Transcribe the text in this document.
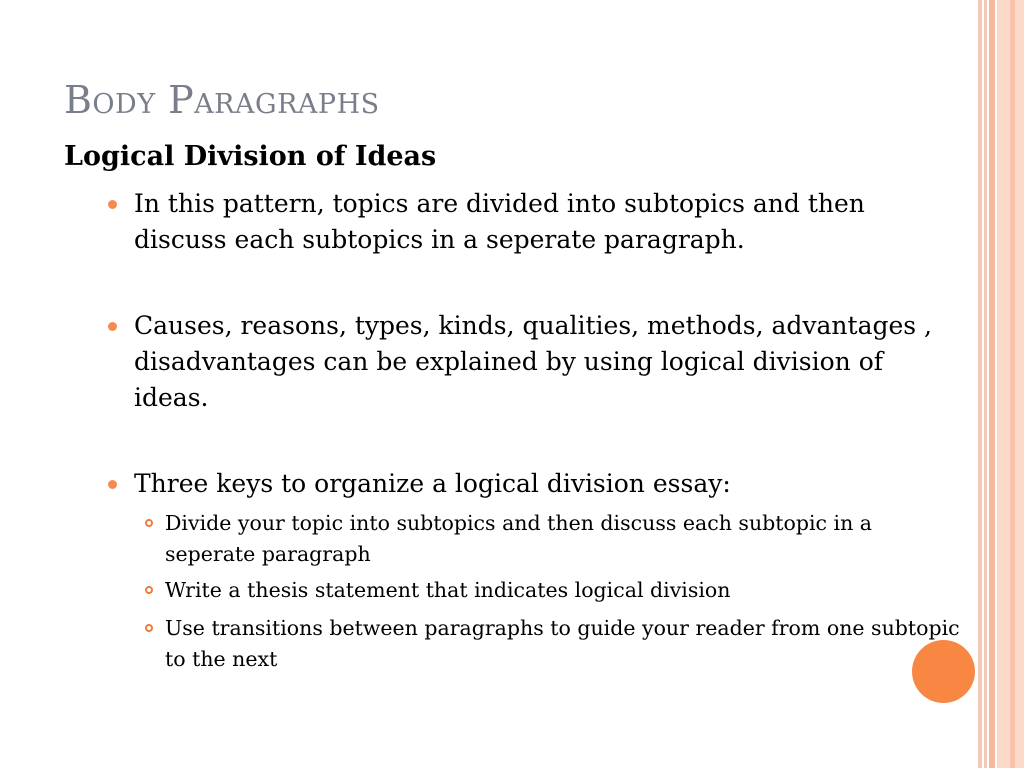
Body Paragraphs
Logical Division of Ideas
In this pattern, topics are divided into subtopics and then discuss each subtopics in a seperate paragraph.
Causes, reasons, types, kinds, qualities, methods, advantages , disadvantages can be explained by using logical division of ideas.
Three keys to organize a logical division essay:
Divide your topic into subtopics and then discuss each subtopic in a seperate paragraph
Write a thesis statement that indicates logical division
Use transitions between paragraphs to guide your reader from one subtopic to the next
